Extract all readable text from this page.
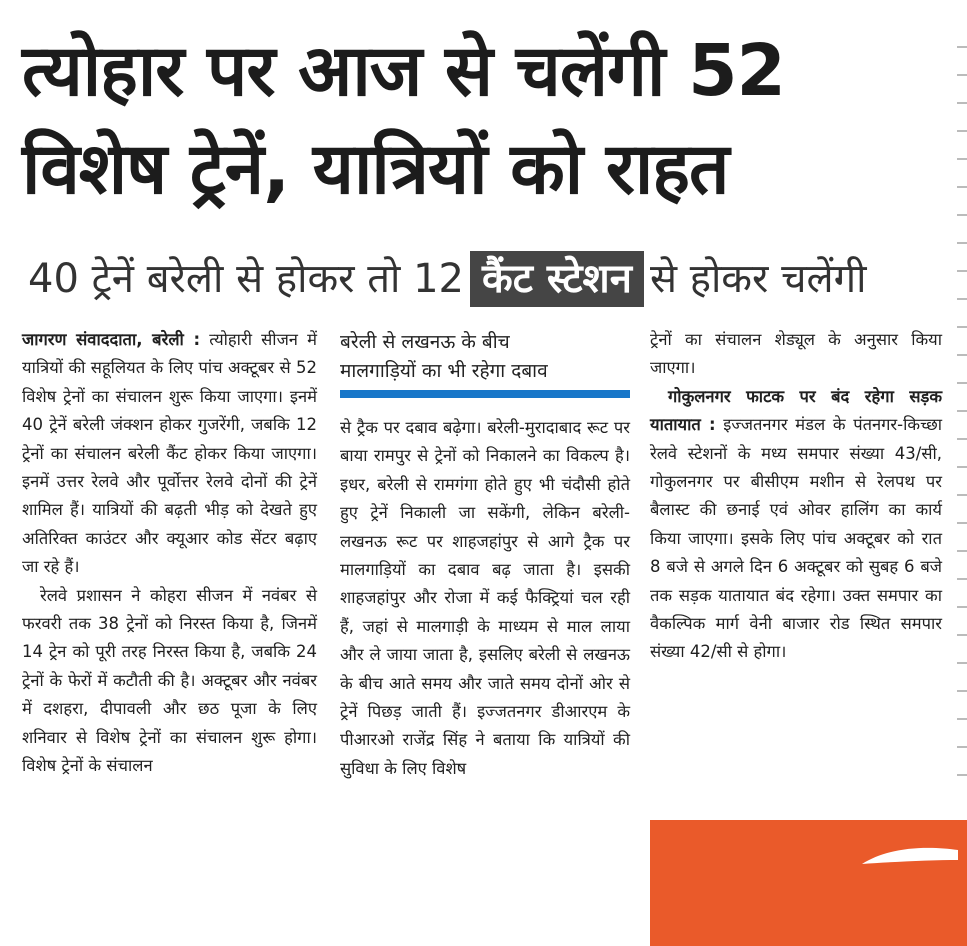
त्योहार पर आज से चलेंगी 52
विशेष ट्रेनें, यात्रियों को राहत
40 ट्रेनें बरेली से होकर तो 12 कैंट स्टेशन से होकर चलेंगी

जागरण संवाददाता, बरेली : त्योहारी सीजन में यात्रियों की सहूलियत के लिए पांच अक्टूबर से 52 विशेष ट्रेनों का संचालन शुरू किया जाएगा। इनमें 40 ट्रेनें बरेली जंक्शन होकर गुजरेंगी, जबकि 12 ट्रेनों का संचालन बरेली कैंट होकर किया जाएगा। इनमें उत्तर रेलवे और पूर्वोत्तर रेलवे दोनों की ट्रेनें शामिल हैं। यात्रियों की बढ़ती भीड़ को देखते हुए अतिरिक्त काउंटर और क्यूआर कोड सेंटर बढ़ाए जा रहे हैं।

रेलवे प्रशासन ने कोहरा सीजन में नवंबर से फरवरी तक 38 ट्रेनों को निरस्त किया है, जिनमें 14 ट्रेन को पूरी तरह निरस्त किया है, जबकि 24 ट्रेनों के फेरों में कटौती की है। अक्टूबर और नवंबर में दशहरा, दीपावली और छठ पूजा के लिए शनिवार से विशेष ट्रेनों का संचालन शुरू होगा। विशेष ट्रेनों के संचालन

बरेली से लखनऊ के बीच
मालगाड़ियों का भी रहेगा दबाव

से ट्रैक पर दबाव बढ़ेगा। बरेली-मुरादाबाद रूट पर बाया रामपुर से ट्रेनों को निकालने का विकल्प है। इधर, बरेली से रामगंगा होते हुए भी चंदौसी होते हुए ट्रेनें निकाली जा सकेंगी, लेकिन बरेली-लखनऊ रूट पर शाहजहांपुर से आगे ट्रैक पर मालगाड़ियों का दबाव बढ़ जाता है। इसकी शाहजहांपुर और रोजा में कई फैक्ट्रियां चल रही हैं, जहां से मालगाड़ी के माध्यम से माल लाया और ले जाया जाता है, इसलिए बरेली से लखनऊ के बीच आते समय और जाते समय दोनों ओर से ट्रेनें पिछड़ जाती हैं। इज्जतनगर डीआरएम के पीआरओ राजेंद्र सिंह ने बताया कि यात्रियों की सुविधा के लिए विशेष

ट्रेनों का संचालन शेड्यूल के अनुसार किया जाएगा।

गोकुलनगर फाटक पर बंद रहेगा सड़क यातायात : इज्जतनगर मंडल के पंतनगर-किच्छा रेलवे स्टेशनों के मध्य समपार संख्या 43/सी, गोकुलनगर पर बीसीएम मशीन से रेलपथ पर बैलास्ट की छनाई एवं ओवर हालिंग का कार्य किया जाएगा। इसके लिए पांच अक्टूबर को रात 8 बजे से अगले दिन 6 अक्टूबर को सुबह 6 बजे तक सड़क यातायात बंद रहेगा। उक्त समपार का वैकल्पिक मार्ग वेनी बाजार रोड स्थित समपार संख्या 42/सी से होगा।
